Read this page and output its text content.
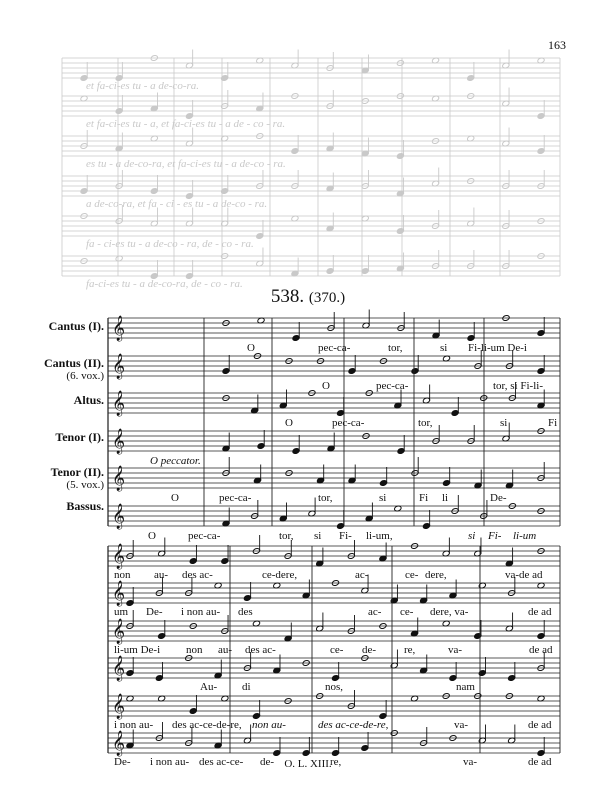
163
𝄞
𝄞
𝄞
𝄞
𝄞
𝄞
𝄞
𝄞
𝄞
𝄞
𝄞
𝄞
538. (370.)
Cantus (I).
Cantus (II).
(6. vox.)
Altus.
Tenor (I).
Tenor (II).
(5. vox.)
Bassus.
et fa-ci-es tu - a de-co-ra.
et fa-ci-es tu - a, et fa-ci-es tu - a de - co - ra.
es tu - a de-co-ra, et fa-ci-es tu - a de-co - ra.
a de-co-ra, et fa - ci - es tu - a de-co - ra.
fa - ci-es tu - a de-co - ra, de - co - ra.
fa-ci-es tu - a de-co-ra, de - co - ra.
O	pec-ca-	tor,	si Fi-li-um De-i
O	pec-ca-	tor, si Fi-li-
O	pec-ca-	tor,	si	Fi
O	pec-ca-	tor,	si	Fi li	De-
O	pec-ca-	tor, si Fi- li-um,	si Fi- li-um
O peccator.
non au- des ac-	ce-dere,	ac-	ce- dere,	va-de ad
um De- i non au- des	ac- ce- dere, va-	de ad
li-um De-i non au- des ac-	ce- de-	re,	va-	de ad
Au- di	nos,	nam
i non au- des ac-ce-de-re, non au-	des ac-ce-de-re,	va-	de ad
De- i non au- des ac-ce- de-	re,	va-	de ad
O. L. XIII.
